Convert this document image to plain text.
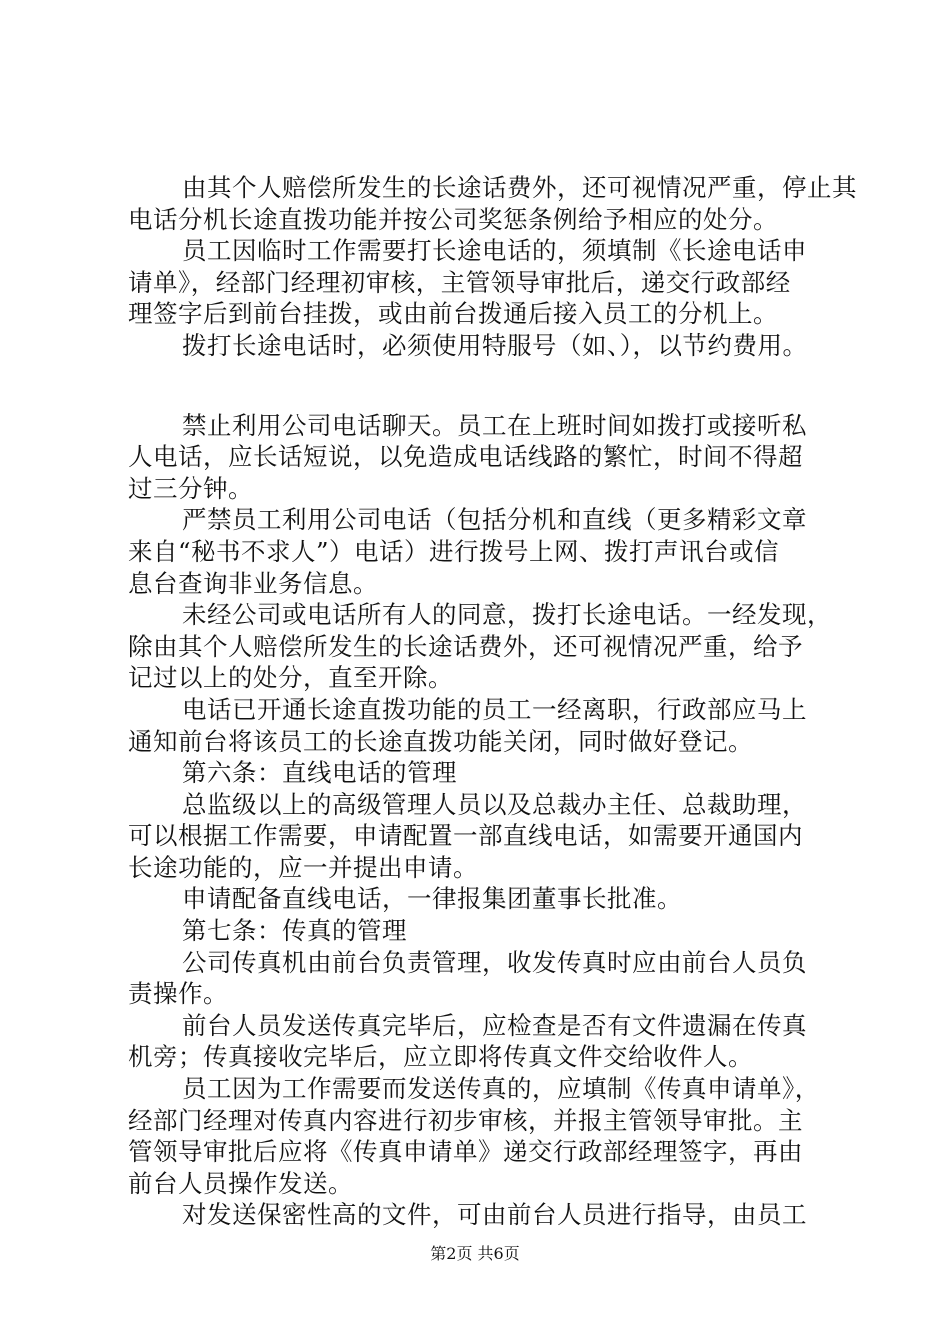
由其个人赔偿所发生的长途话费外，还可视情况严重，停止其
电话分机长途直拨功能并按公司奖惩条例给予相应的处分。
员工因临时工作需要打长途电话的，须填制《长途电话申
请单》，经部门经理初审核，主管领导审批后，递交行政部经
理签字后到前台挂拨，或由前台拨通后接入员工的分机上。
拨打长途电话时，必须使用特服号（如、），以节约费用。
禁止利用公司电话聊天。员工在上班时间如拨打或接听私
人电话，应长话短说，以免造成电话线路的繁忙，时间不得超
过三分钟。
严禁员工利用公司电话（包括分机和直线（更多精彩文章
来自“秘书不求人”）电话）进行拨号上网、拨打声讯台或信
息台查询非业务信息。
未经公司或电话所有人的同意，拨打长途电话。一经发现，
除由其个人赔偿所发生的长途话费外，还可视情况严重，给予
记过以上的处分，直至开除。
电话已开通长途直拨功能的员工一经离职，行政部应马上
通知前台将该员工的长途直拨功能关闭，同时做好登记。
第六条：直线电话的管理
总监级以上的高级管理人员以及总裁办主任、总裁助理，
可以根据工作需要，申请配置一部直线电话，如需要开通国内
长途功能的，应一并提出申请。
申请配备直线电话，一律报集团董事长批准。
第七条：传真的管理
公司传真机由前台负责管理，收发传真时应由前台人员负
责操作。
前台人员发送传真完毕后，应检查是否有文件遗漏在传真
机旁；传真接收完毕后，应立即将传真文件交给收件人。
员工因为工作需要而发送传真的，应填制《传真申请单》，
经部门经理对传真内容进行初步审核，并报主管领导审批。主
管领导审批后应将《传真申请单》递交行政部经理签字，再由
前台人员操作发送。
对发送保密性高的文件，可由前台人员进行指导，由员工
第2页 共6页
